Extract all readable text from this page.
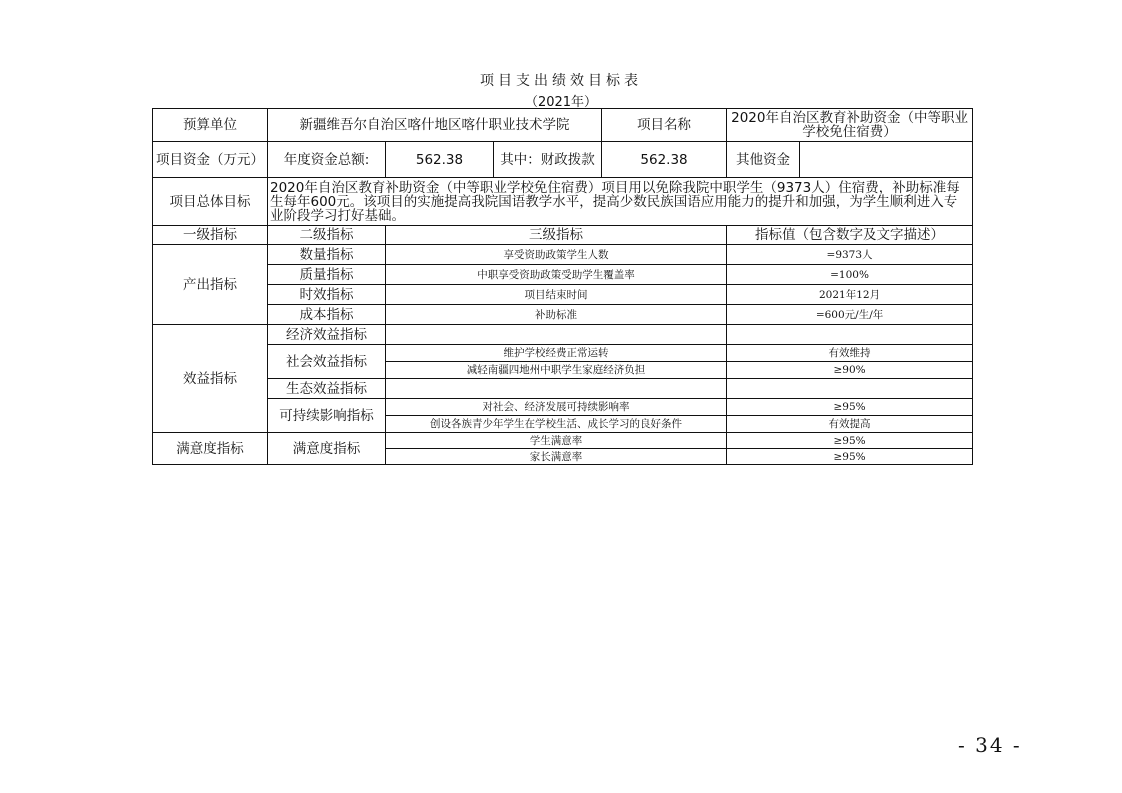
项目支出绩效目标表
（2021年）
预算单位	新疆维吾尔自治区喀什地区喀什职业技术学院			项目名称	2020年自治区教育补助资金（中等职业学校免住宿费）	
项目资金（万元）	年度资金总额:	562.38	其中：财政拨款	562.38	其他资金	
项目总体目标	2020年自治区教育补助资金（中等职业学校免住宿费）项目用以免除我院中职学生（9373人）住宿费，补助标准每生每年600元。该项目的实施提高我院国语教学水平，提高少数民族国语应用能力的提升和加强，为学生顺利进入专业阶段学习打好基础。					
一级指标	二级指标	三级指标			指标值（包含数字及文字描述）	
产出指标	数量指标	享受资助政策学生人数			=9373人	
	质量指标	中职享受资助政策受助学生覆盖率			=100%	
	时效指标	项目结束时间			2021年12月	
	成本指标	补助标准			=600元/生/年	
效益指标	经济效益指标					
	社会效益指标	维护学校经费正常运转			有效维持	
		减轻南疆四地州中职学生家庭经济负担			≥90%	
	生态效益指标					
	可持续影响指标	对社会、经济发展可持续影响率			≥95%	
		创设各族青少年学生在学校生活、成长学习的良好条件			有效提高	
满意度指标	满意度指标	学生满意率			≥95%	
		家长满意率			≥95%	
- 34 -
